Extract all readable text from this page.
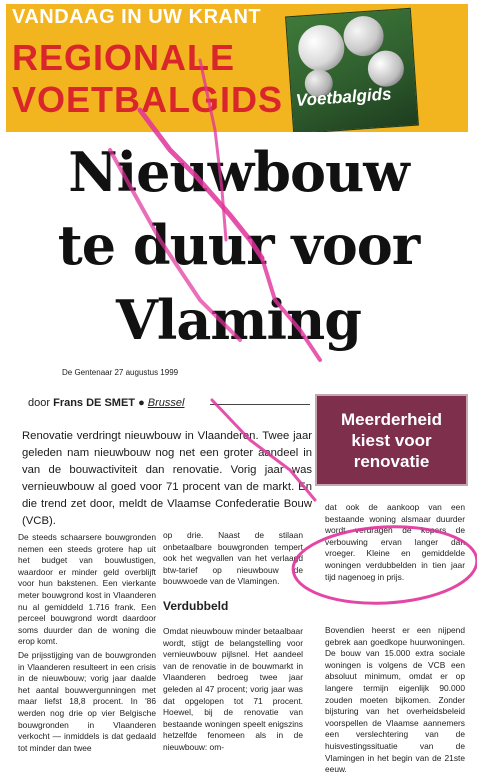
VANDAAG IN UW KRANT
REGIONALE
VOETBALGIDS Voetbalgids
Nieuwbouw
te duur voor
Vlaming
De Gentenaar 27 augustus 1999
door Frans DE SMET ● Brussel
Meerderheid
kiest voor
renovatie
Renovatie verdringt nieuwbouw in Vlaanderen. Twee jaar geleden nam nieuwbouw nog net een groter aandeel in van de bouwactiviteit dan renovatie. Vorig jaar was vernieuwbouw al goed voor 71 procent van de markt. En die trend zet door, meldt de Vlaamse Confederatie Bouw (VCB).

De steeds schaarsere bouwgronden nemen een steeds grotere hap uit het budget van bouwlustigen, waardoor er minder geld overblijft voor hun bakstenen. Een vierkante meter bouwgrond kost in Vlaanderen nu al gemiddeld 1.716 frank. Een perceel bouwgrond wordt daardoor soms duurder dan de woning die erop komt.

De prijsstijging van de bouwgronden in Vlaanderen resulteert in een crisis in de nieuwbouw; vorig jaar daalde het aantal bouwvergunningen met maar liefst 18,8 procent. In '86 werden nog drie op vier Belgische bouwgronden in Vlaanderen verkocht — inmiddels is dat gedaald tot minder dan twee

op drie. Naast de stilaan onbetaalbare bouwgronden tempert ook het wegvallen van het verlaagd btw-tarief op nieuwbouw de bouwwoede van de Vlamingen.

Verdubbeld

Omdat nieuwbouw minder betaalbaar wordt, stijgt de belangstelling voor vernieuwbouw pijlsnel. Het aandeel van de renovatie in de bouwmarkt in Vlaanderen bedroeg twee jaar geleden al 47 procent; vorig jaar was dat opgelopen tot 71 procent. Hoewel, bij de renovatie van bestaande woningen speelt enigszins hetzelfde fenomeen als in de nieuwbouw: om-

dat ook de aankoop van een bestaande woning alsmaar duurder wordt verdragen de kopers de verbouwing ervan langer dan vroeger. Kleine en gemiddelde woningen verdubbelden in tien jaar tijd nagenoeg in prijs.

Bovendien heerst er een nijpend gebrek aan goedkope huurwoningen. De bouw van 15.000 extra sociale woningen is volgens de VCB een absoluut minimum, omdat er op langere termijn eigenlijk 90.000 zouden moeten bijkomen. Zonder bijsturing van het overheidsbeleid voorspellen de Vlaamse aannemers een verslechtering van de huisvestingssituatie van de Vlamingen in het begin van de 21ste eeuw.
